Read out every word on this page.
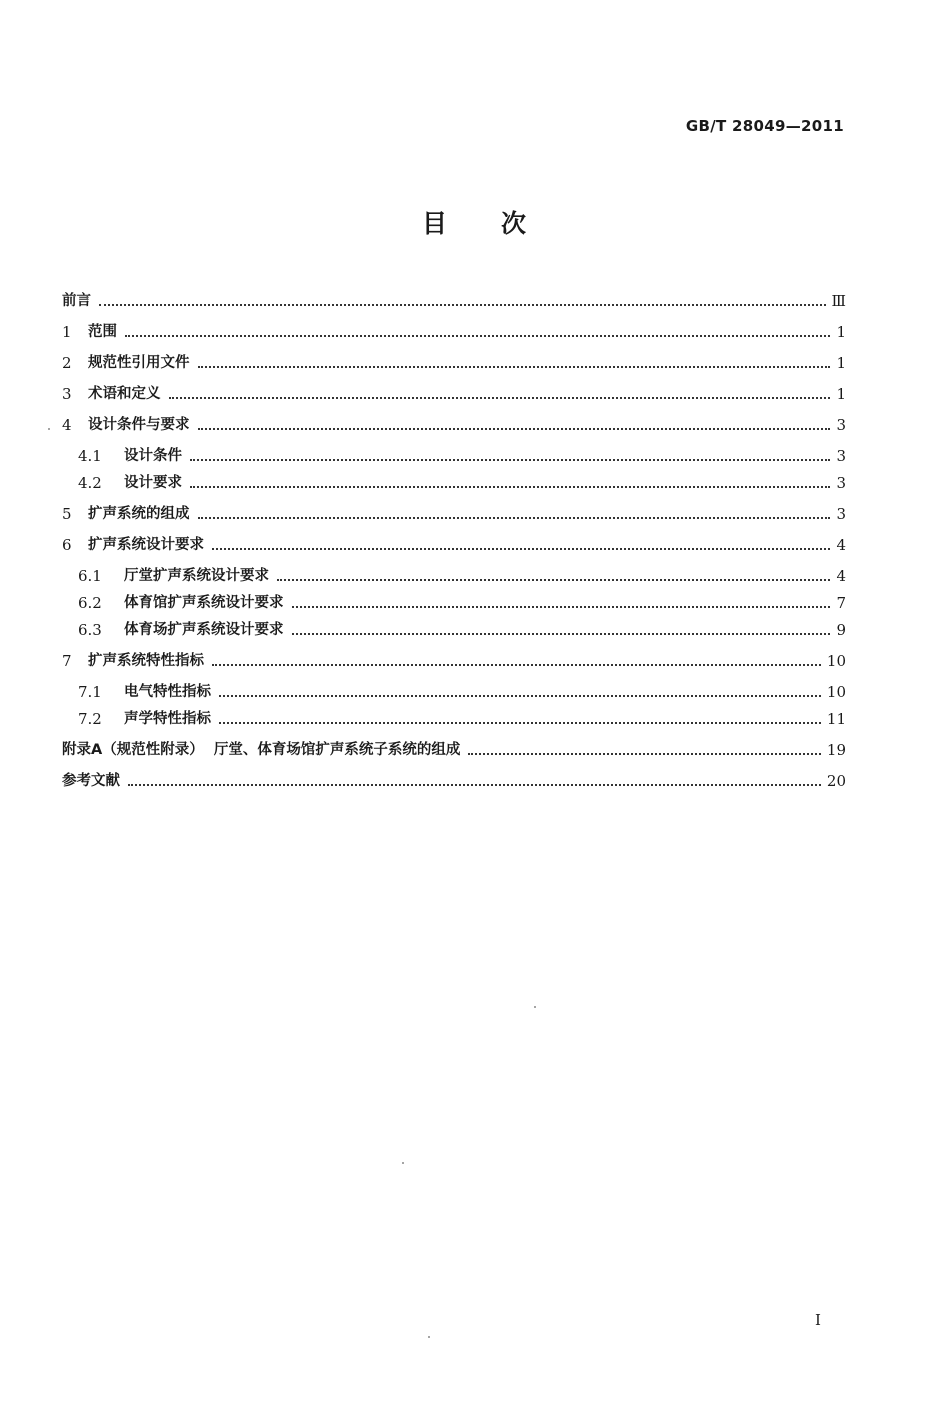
GB/T 28049—2011
目 次
前言	Ⅲ
1	范围	1
2	规范性引用文件	1
3	术语和定义	1
4	设计条件与要求	3
4.1	设计条件	3
4.2	设计要求	3
5	扩声系统的组成	3
6	扩声系统设计要求	4
6.1	厅堂扩声系统设计要求	4
6.2	体育馆扩声系统设计要求	7
6.3	体育场扩声系统设计要求	9
7	扩声系统特性指标	10
7.1	电气特性指标	10
7.2	声学特性指标	11
附录A（规范性附录）  厅堂、体育场馆扩声系统子系统的组成	19
参考文献	20
I
